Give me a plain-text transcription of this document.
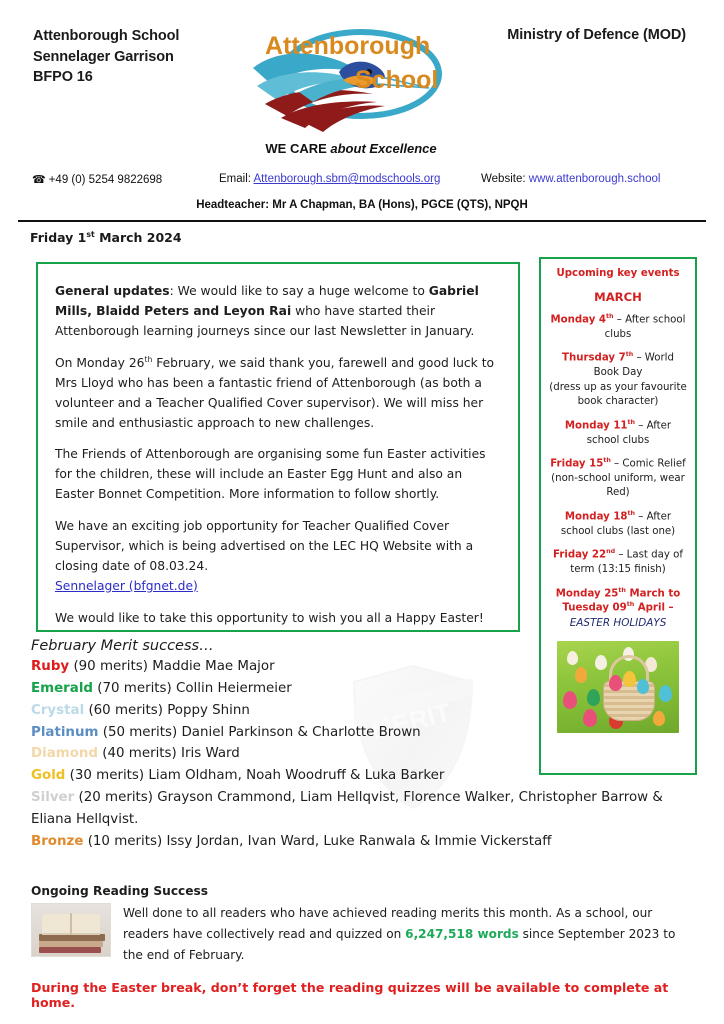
Attenborough School
Sennelager Garrison
BFPO 16
Ministry of Defence (MOD)
Attenborough
School
WE CARE about Excellence
☎ +49 (0) 5254 9822698	Email: Attenborough.sbm@modschools.org	Website: www.attenborough.school
Headteacher: Mr A Chapman, BA (Hons), PGCE (QTS), NPQH
Friday 1st March 2024

General updates: We would like to say a huge welcome to Gabriel Mills, Blaidd Peters and Leyon Rai who have started their Attenborough learning journeys since our last Newsletter in January.

On Monday 26th February, we said thank you, farewell and good luck to Mrs Lloyd who has been a fantastic friend of Attenborough (as both a volunteer and a Teacher Qualified Cover supervisor). We will miss her smile and enthusiastic approach to new challenges.

The Friends of Attenborough are organising some fun Easter activities for the children, these will include an Easter Egg Hunt and also an Easter Bonnet Competition. More information to follow shortly.

We have an exciting job opportunity for Teacher Qualified Cover Supervisor, which is being advertised on the LEC HQ Website with a closing date of 08.03.24.
Sennelager (bfgnet.de)

We would like to take this opportunity to wish you all a Happy Easter!

Upcoming key events
MARCH
Monday 4th – After school clubs
Thursday 7th – World Book Day
(dress up as your favourite book character)
Monday 11th – After school clubs
Friday 15th – Comic Relief
(non-school uniform, wear Red)
Monday 18th – After school clubs (last one)
Friday 22nd – Last day of term (13:15 finish)
Monday 25th March to Tuesday 09th April –
EASTER HOLIDAYS
MERIT
February Merit success…
Ruby (90 merits) Maddie Mae Major
Emerald (70 merits) Collin Heiermeier
Crystal (60 merits) Poppy Shinn
Platinum (50 merits) Daniel Parkinson & Charlotte Brown
Diamond (40 merits) Iris Ward
Gold (30 merits) Liam Oldham, Noah Woodruff & Luka Barker
Silver (20 merits) Grayson Crammond, Liam Hellqvist, Florence Walker, Christopher Barrow & Eliana Hellqvist.
Bronze (10 merits) Issy Jordan, Ivan Ward, Luke Ranwala & Immie Vickerstaff
Ongoing Reading Success
Well done to all readers who have achieved reading merits this month. As a school, our readers have collectively read and quizzed on 6,247,518 words since September 2023 to the end of February.
During the Easter break, don’t forget the reading quizzes will be available to complete at home.
